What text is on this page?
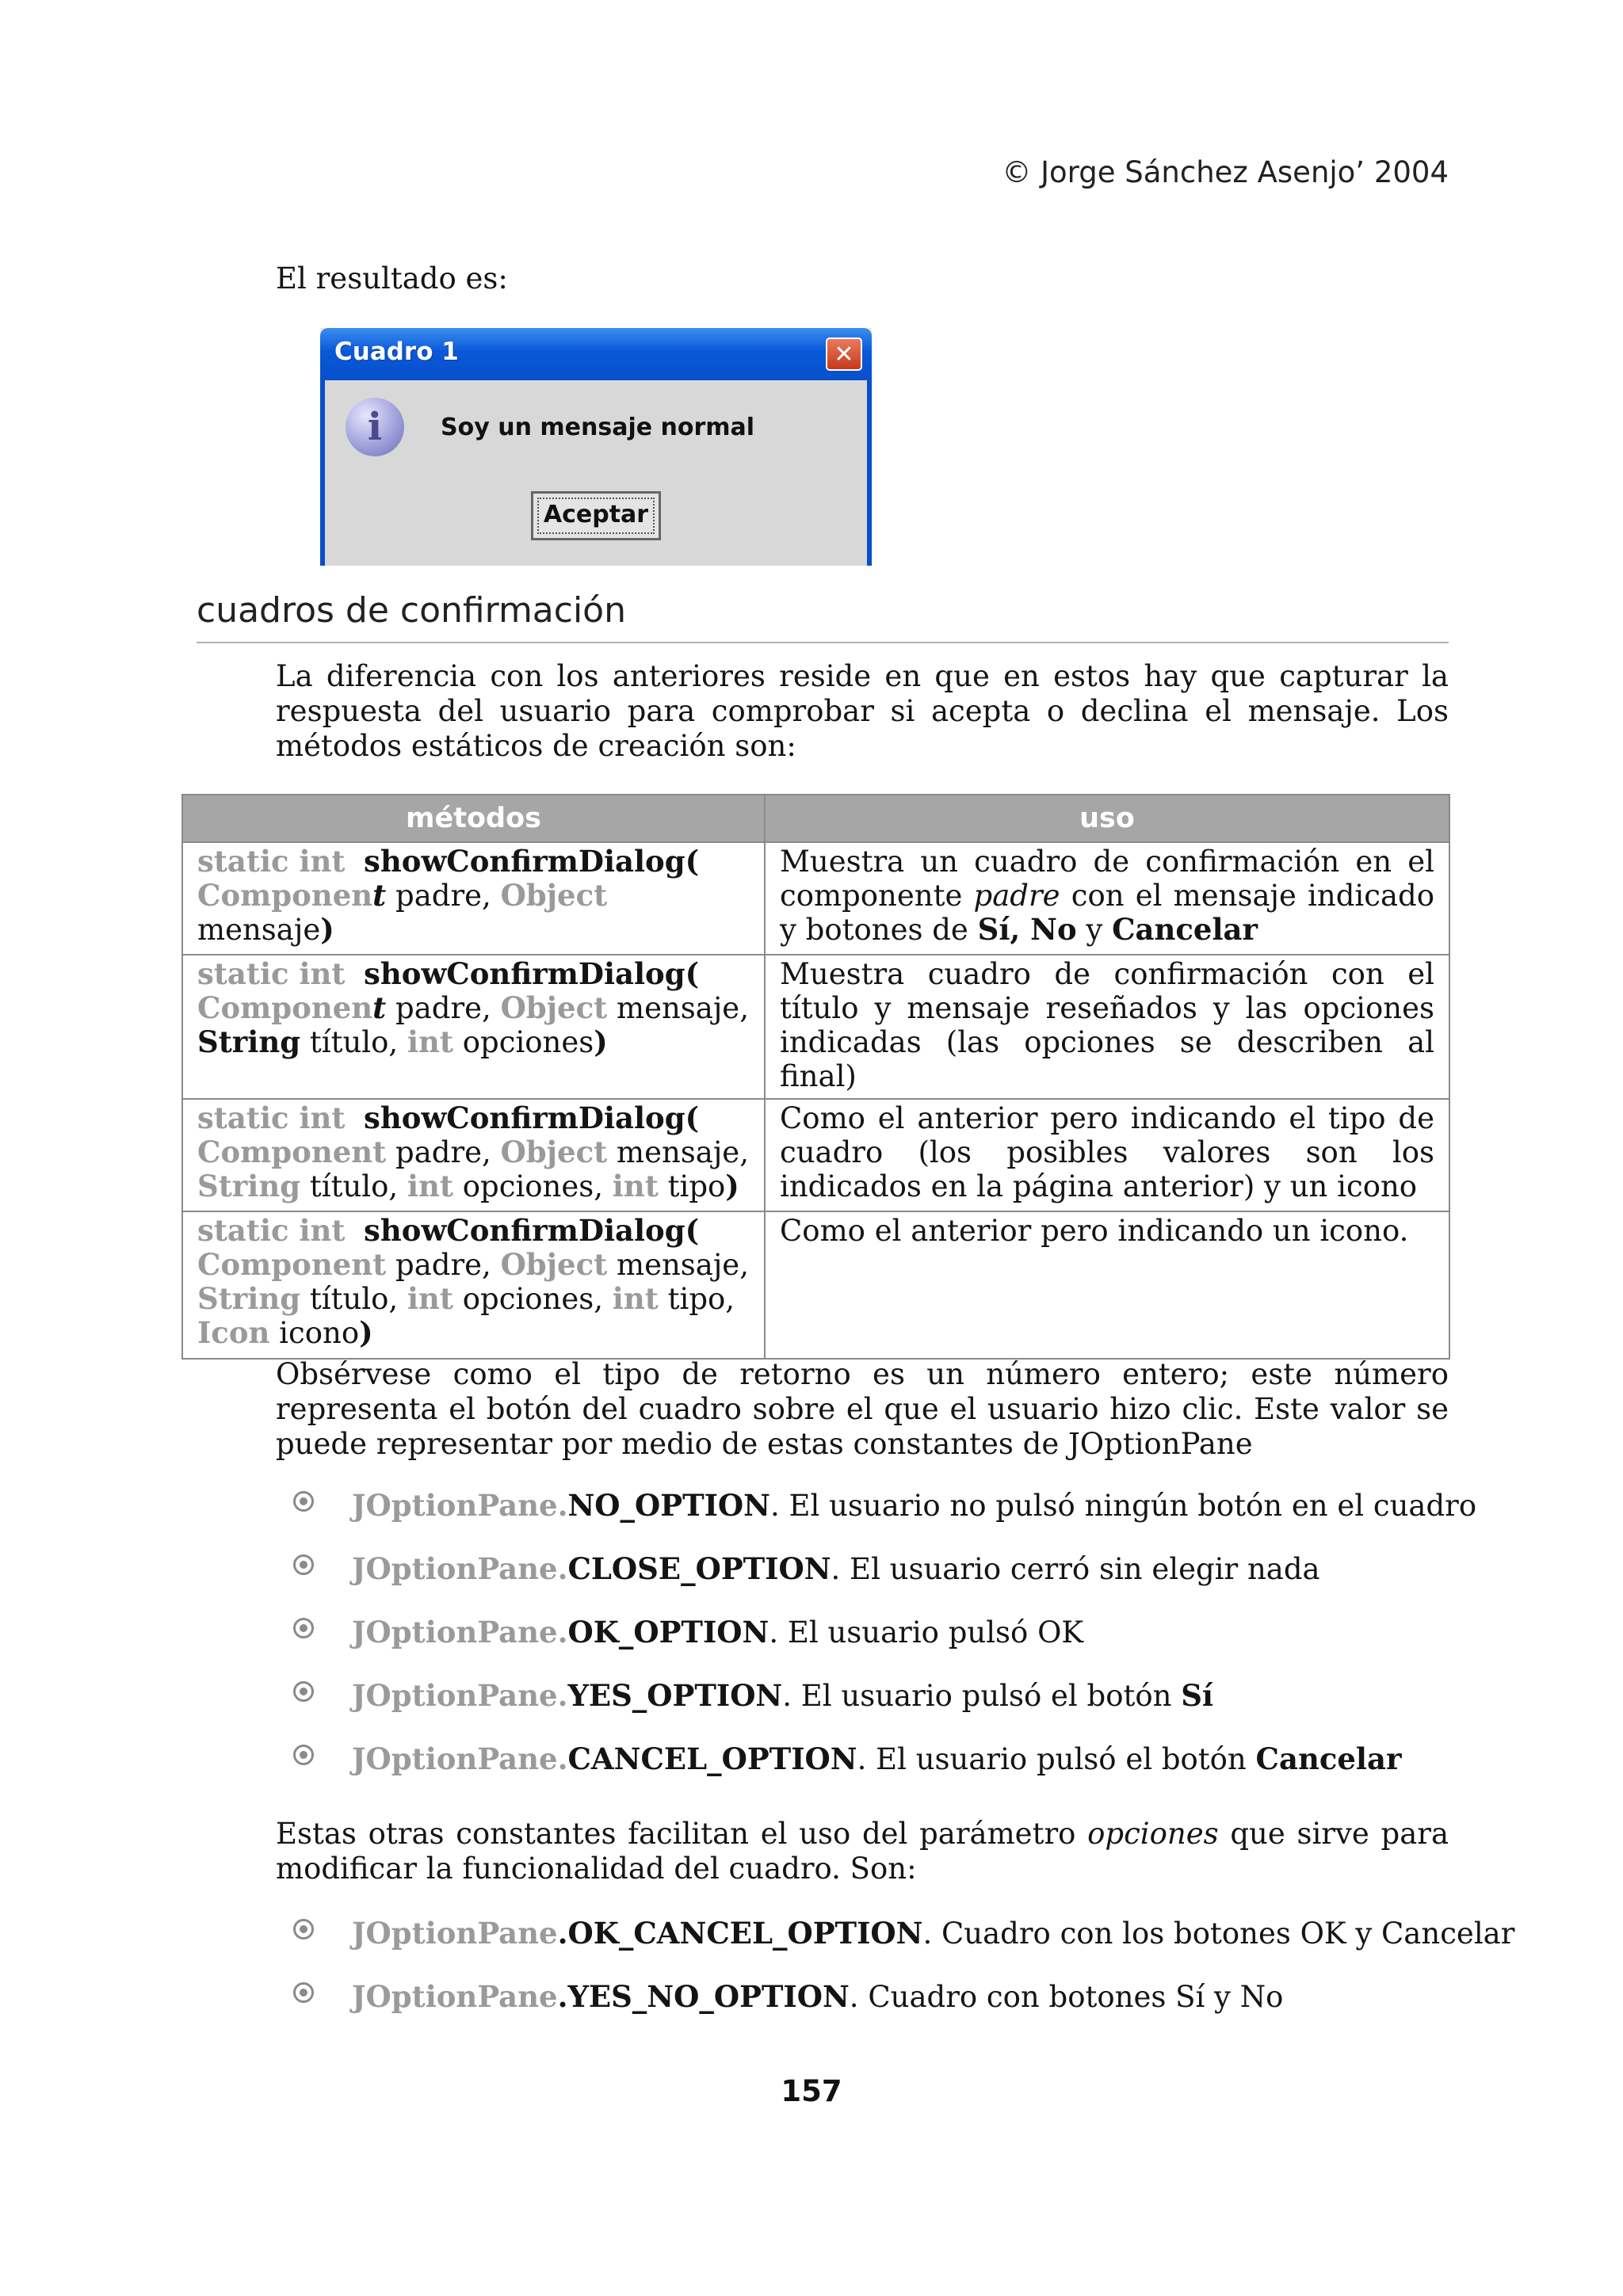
© Jorge Sánchez Asenjo’ 2004
El resultado es:
Cuadro 1	✕
i	Soy un mensaje normal
Aceptar
cuadros de confirmación
La diferencia con los anteriores reside en que en estos hay que capturar la respuesta del usuario para comprobar si acepta o declina el mensaje. Los métodos estáticos de creación son:
métodos	uso
static int showConfirmDialog(
Component padre, Object mensaje)	Muestra un cuadro de confirmación en el componente padre con el mensaje indicado y botones de Sí, No y Cancelar
static int showConfirmDialog(
Component padre, Object mensaje,
String título, int opciones)	Muestra cuadro de confirmación con el título y mensaje reseñados y las opciones indicadas (las opciones se describen al final)
static int showConfirmDialog(
Component padre, Object mensaje,
String título, int opciones, int tipo)	Como el anterior pero indicando el tipo de cuadro (los posibles valores son los indicados en la página anterior) y un icono
static int showConfirmDialog(
Component padre, Object mensaje,
String título, int opciones, int tipo,
Icon icono)	Como el anterior pero indicando un icono.
Obsérvese como el tipo de retorno es un número entero; este número representa el botón del cuadro sobre el que el usuario hizo clic. Este valor se puede representar por medio de estas constantes de JOptionPane
JOptionPane.NO_OPTION. El usuario no pulsó ningún botón en el cuadro
JOptionPane.CLOSE_OPTION. El usuario cerró sin elegir nada
JOptionPane.OK_OPTION. El usuario pulsó OK
JOptionPane.YES_OPTION. El usuario pulsó el botón Sí
JOptionPane.CANCEL_OPTION. El usuario pulsó el botón Cancelar
Estas otras constantes facilitan el uso del parámetro opciones que sirve para modificar la funcionalidad del cuadro. Son:
JOptionPane.OK_CANCEL_OPTION. Cuadro con los botones OK y Cancelar
JOptionPane.YES_NO_OPTION. Cuadro con botones Sí y No
157
